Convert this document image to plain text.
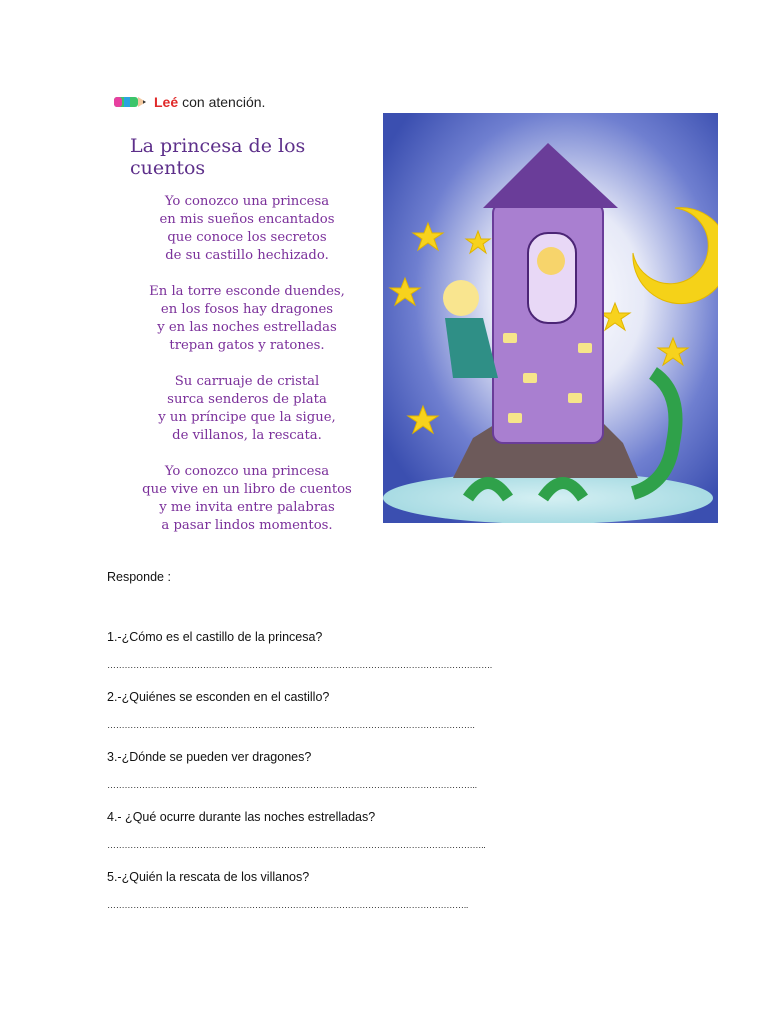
Leé con atención.
La princesa de los cuentos
Yo conozco una princesa
en mis sueños encantados
que conoce los secretos
de su castillo hechizado.
En la torre esconde duendes,
en los fosos hay dragones
y en las noches estrelladas
trepan gatos y ratones.
Su carruaje de cristal
surca senderos de plata
y un príncipe que la sigue,
de villanos, la rescata.
Yo conozco una princesa
que vive en un libro de cuentos
y me invita entre palabras
a pasar lindos momentos.

Responde :

1.-¿Cómo es el castillo de la princesa?

…………………………………………………………………………………………………………………….

2.-¿Quiénes se esconden en el castillo?

……………………………………………………………………………………………………………….

3.-¿Dónde se pueden ver dragones?

………………………………………………………………………………………………………………..

4.- ¿Qué ocurre durante las noches estrelladas?

…………………………………………………………………………………………………………………..

5.-¿Quién la rescata de los villanos?

……………………………………………………………………………………………………………..
